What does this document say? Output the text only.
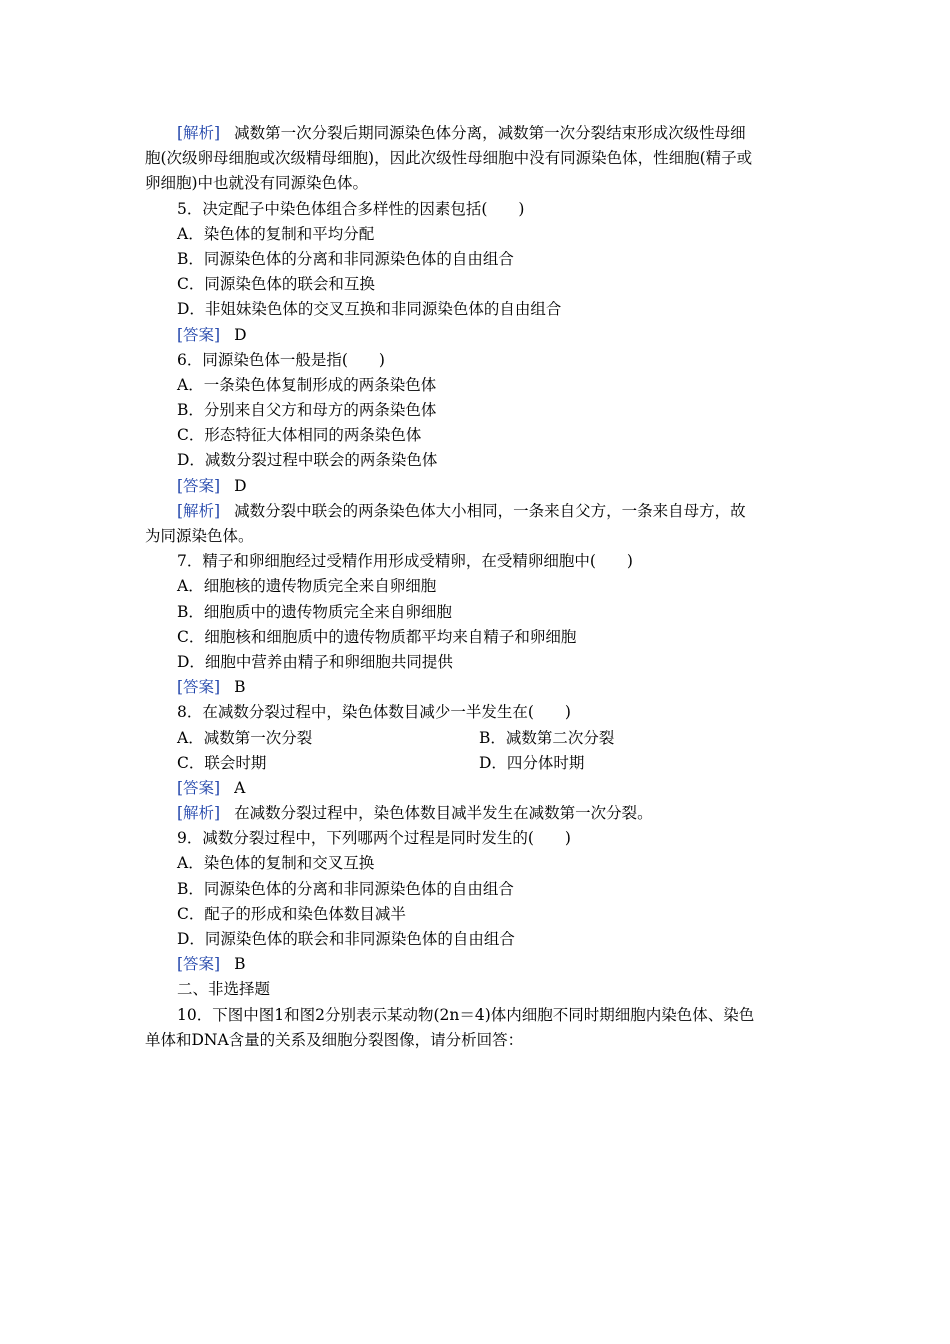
[解析] 减数第一次分裂后期同源染色体分离，减数第一次分裂结束形成次级性母细
胞(次级卵母细胞或次级精母细胞)，因此次级性母细胞中没有同源染色体，性细胞(精子或
卵细胞)中也就没有同源染色体。
5．决定配子中染色体组合多样性的因素包括(　　)
A．染色体的复制和平均分配
B．同源染色体的分离和非同源染色体的自由组合
C．同源染色体的联会和互换
D．非姐妹染色体的交叉互换和非同源染色体的自由组合
[答案] D
6．同源染色体一般是指(　　)
A．一条染色体复制形成的两条染色体
B．分别来自父方和母方的两条染色体
C．形态特征大体相同的两条染色体
D．减数分裂过程中联会的两条染色体
[答案] D
[解析] 减数分裂中联会的两条染色体大小相同，一条来自父方，一条来自母方，故
为同源染色体。
7．精子和卵细胞经过受精作用形成受精卵，在受精卵细胞中(　　)
A．细胞核的遗传物质完全来自卵细胞
B．细胞质中的遗传物质完全来自卵细胞
C．细胞核和细胞质中的遗传物质都平均来自精子和卵细胞
D．细胞中营养由精子和卵细胞共同提供
[答案] B
8．在减数分裂过程中，染色体数目减少一半发生在(　　)
A．减数第一次分裂	B．减数第二次分裂
C．联会时期	D．四分体时期
[答案] A
[解析] 在减数分裂过程中，染色体数目减半发生在减数第一次分裂。
9．减数分裂过程中，下列哪两个过程是同时发生的(　　)
A．染色体的复制和交叉互换
B．同源染色体的分离和非同源染色体的自由组合
C．配子的形成和染色体数目减半
D．同源染色体的联会和非同源染色体的自由组合
[答案] B
二、非选择题
10．下图中图1和图2分别表示某动物(2n＝4)体内细胞不同时期细胞内染色体、染色
单体和DNA含量的关系及细胞分裂图像，请分析回答：
